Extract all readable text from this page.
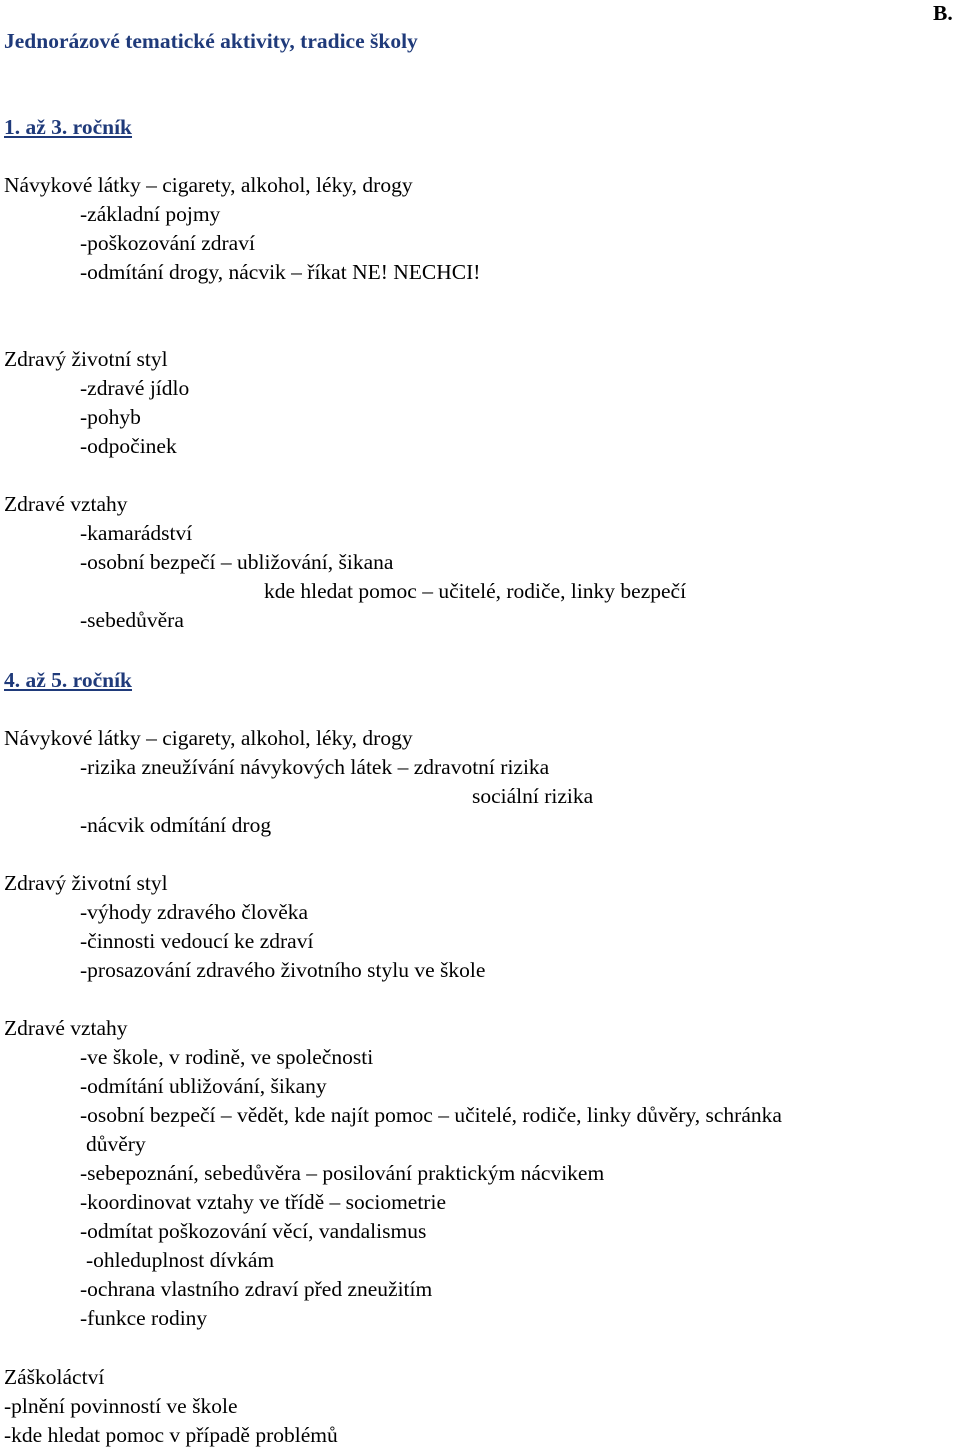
Jednorázové tematické aktivity, tradice školy
B.
1. až 3. ročník
Návykové látky – cigarety, alkohol, léky, drogy
-základní pojmy
-poškozování zdraví
-odmítání drogy, nácvik – říkat NE! NECHCI!
Zdravý životní styl
-zdravé jídlo
-pohyb
-odpočinek
Zdravé vztahy
-kamarádství
-osobní bezpečí – ubližování, šikana
kde hledat pomoc – učitelé, rodiče, linky bezpečí
-sebedůvěra
4. až 5. ročník
Návykové látky – cigarety, alkohol, léky, drogy
-rizika zneužívání návykových látek – zdravotní rizika
sociální rizika
-nácvik odmítání drog
Zdravý životní styl
-výhody zdravého člověka
-činnosti vedoucí ke zdraví
-prosazování zdravého životního stylu ve škole
Zdravé vztahy
-ve škole, v rodině, ve společnosti
-odmítání ubližování, šikany
-osobní bezpečí – vědět, kde najít pomoc – učitelé, rodiče, linky důvěry, schránka
důvěry
-sebepoznání, sebedůvěra – posilování praktickým nácvikem
-koordinovat vztahy ve třídě – sociometrie
-odmítat poškozování věcí, vandalismus
-ohleduplnost dívkám
-ochrana vlastního zdraví před zneužitím
-funkce rodiny
Záškoláctví
-plnění povinností ve škole
-kde hledat pomoc v případě problémů
